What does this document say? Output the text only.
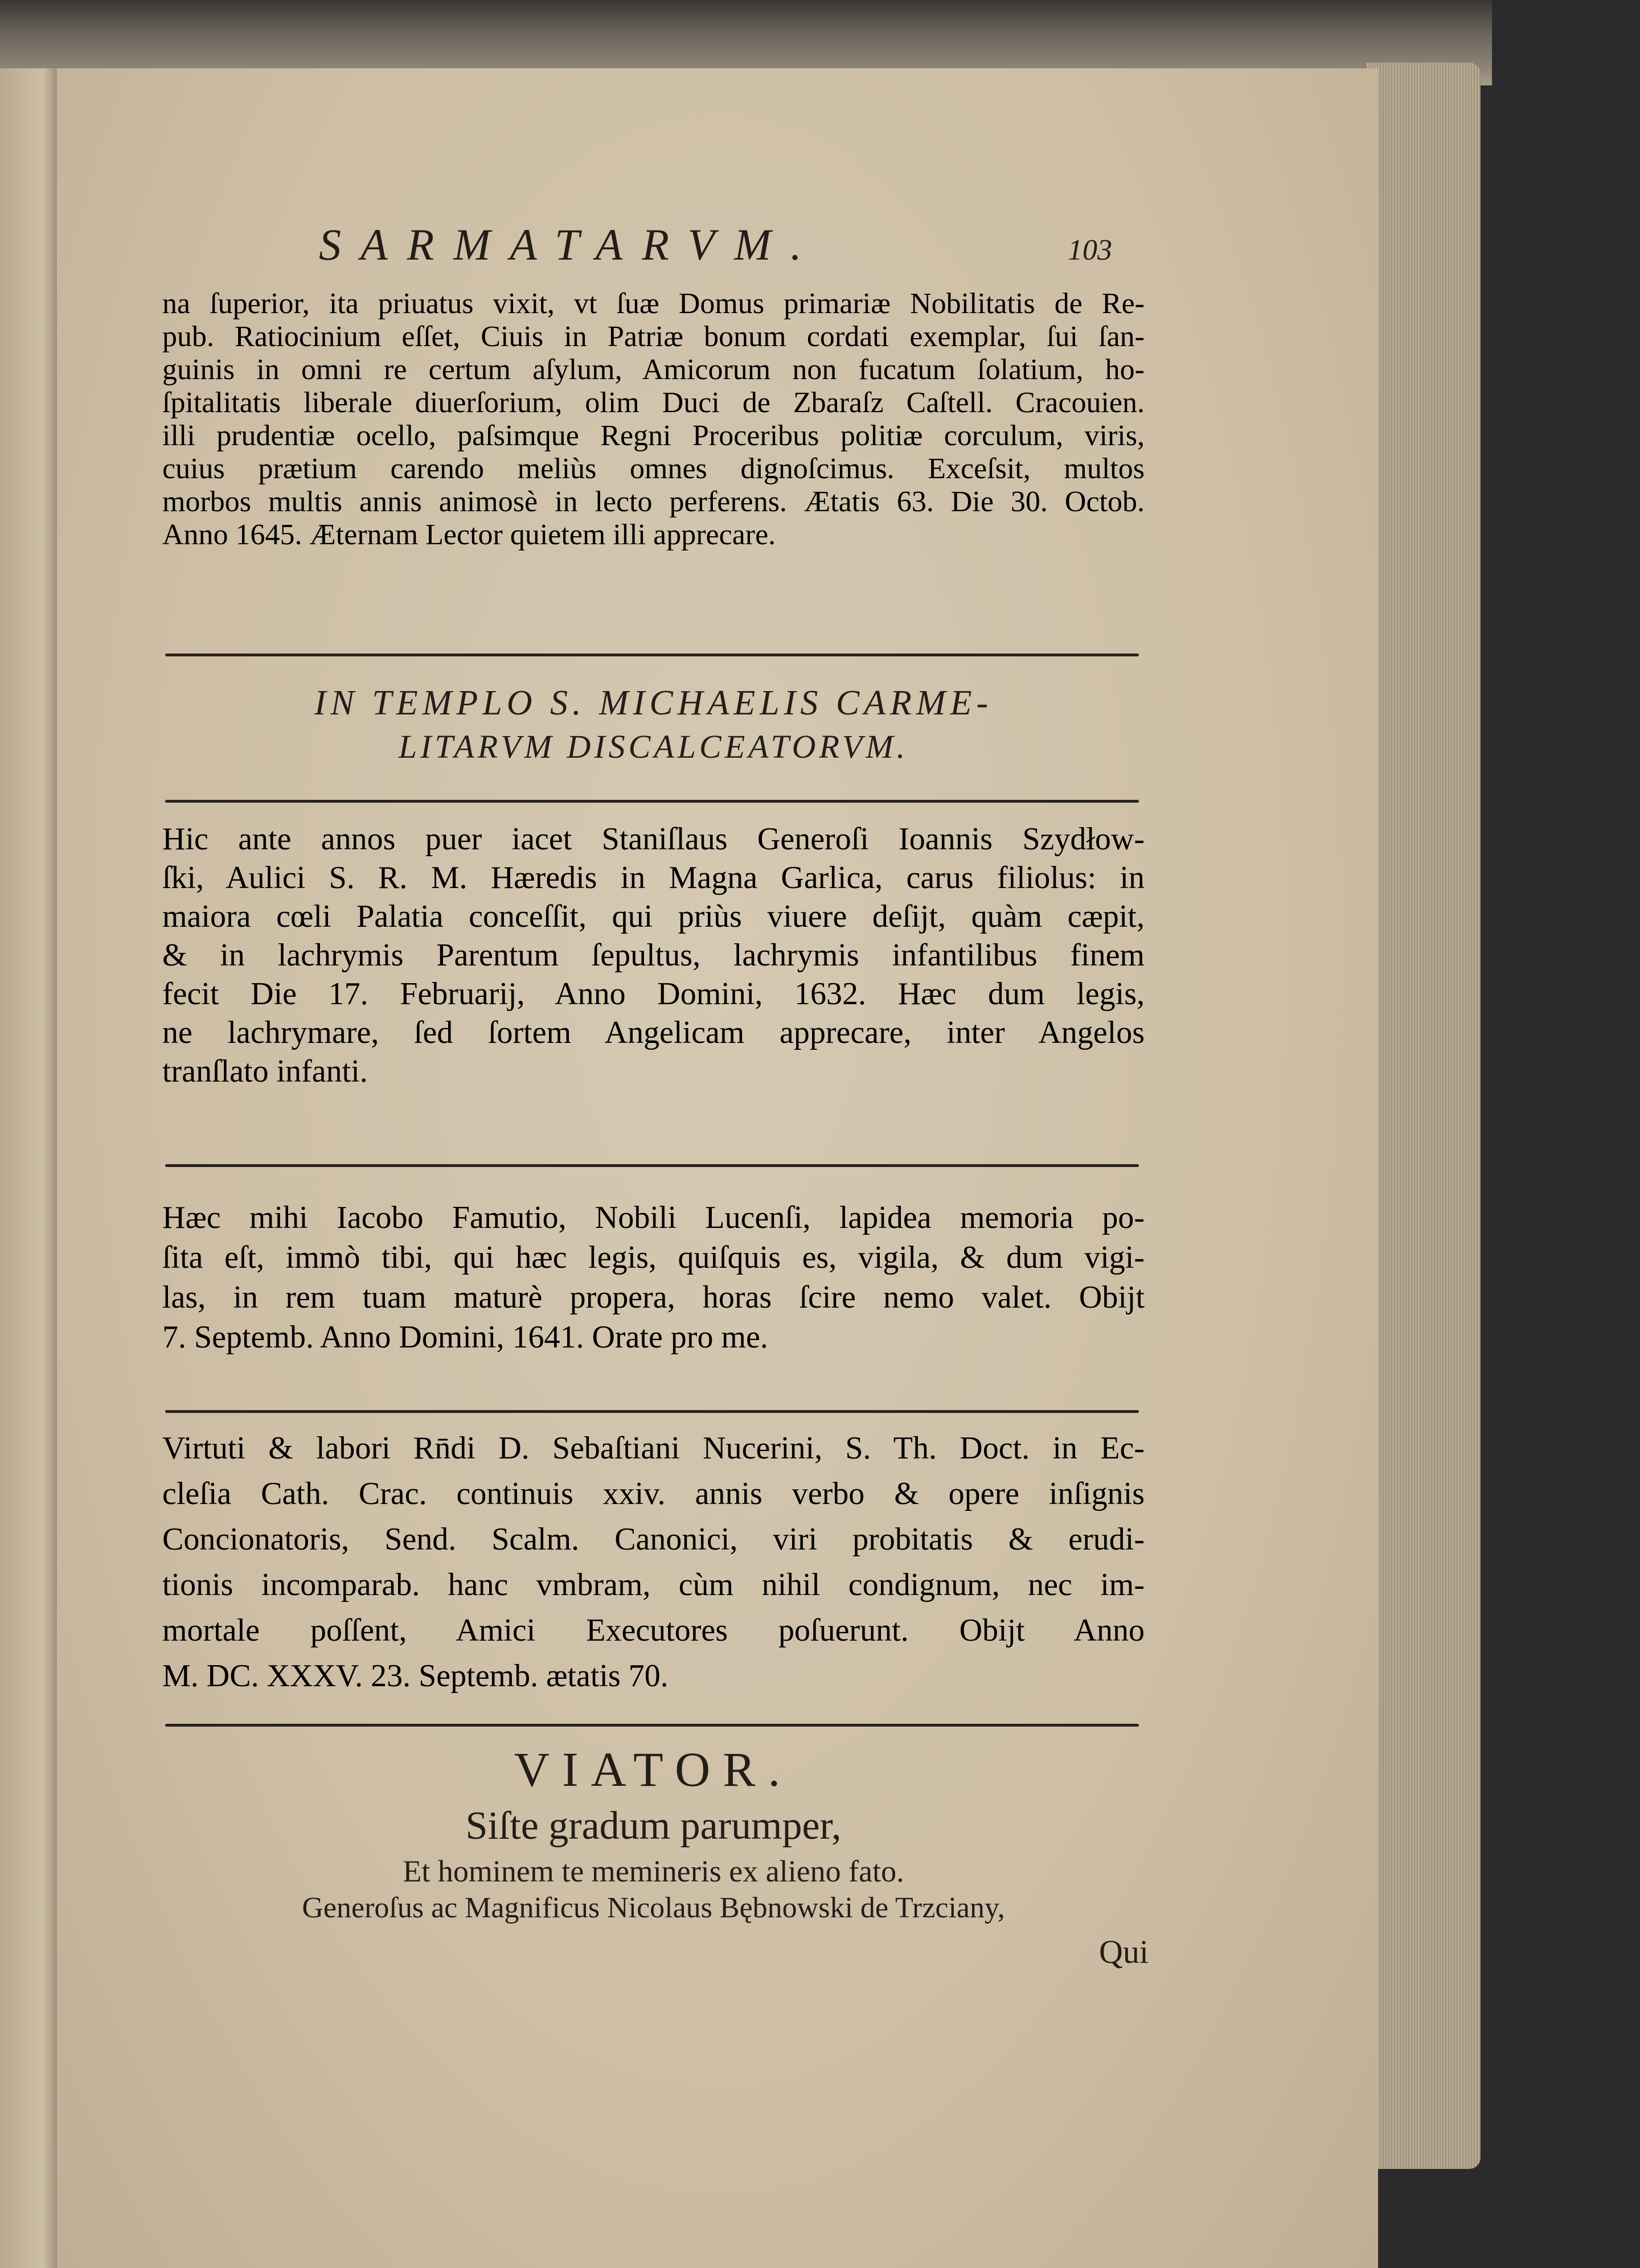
SARMATARVM.	103
na ſuperior, ita priuatus vixit, vt ſuæ Domus primariæ Nobilitatis de Re-
pub. Ratiocinium eſſet, Ciuis in Patriæ bonum cordati exemplar, ſui ſan-
guinis in omni re certum aſylum, Amicorum non fucatum ſolatium, ho-
ſpitalitatis liberale diuerſorium, olim Duci de Zbaraſz Caſtell. Cracouien.
illi prudentiæ ocello, paſsimque Regni Proceribus politiæ corculum, viris,
cuius prætium carendo meliùs omnes dignoſcimus. Exceſsit, multos
morbos multis annis animosè in lecto perferens. Ætatis 63. Die 30. Octob.
Anno 1645. Æternam Lector quietem illi apprecare.
IN TEMPLO S. MICHAELIS CARME-
LITARVM DISCALCEATORVM.
Hic ante annos puer iacet Staniſlaus Generoſi Ioannis Szydłow-
ſki, Aulici S. R. M. Hæredis in Magna Garlica, carus filiolus: in
maiora cœli Palatia conceſſit, qui priùs viuere deſijt, quàm cæpit,
& in lachrymis Parentum ſepultus, lachrymis infantilibus finem
fecit Die 17. Februarij, Anno Domini, 1632. Hæc dum legis,
ne lachrymare, ſed ſortem Angelicam apprecare, inter Angelos
tranſlato infanti.
Hæc mihi Iacobo Famutio, Nobili Lucenſi, lapidea memoria po-
ſita eſt, immò tibi, qui hæc legis, quiſquis es, vigila, & dum vigi-
las, in rem tuam maturè propera, horas ſcire nemo valet. Obijt
7. Septemb. Anno Domini, 1641. Orate pro me.
Virtuti & labori Rn̄di D. Sebaſtiani Nucerini, S. Th. Doct. in Ec-
cleſia Cath. Crac. continuis xxiv. annis verbo & opere inſignis
Concionatoris, Send. Scalm. Canonici, viri probitatis & erudi-
tionis incomparab. hanc vmbram, cùm nihil condignum, nec im-
mortale poſſent, Amici Executores poſuerunt. Obijt Anno
M. DC. XXXV. 23. Septemb. ætatis 70.
VIATOR.
Siſte gradum parumper,
Et hominem te memineris ex alieno fato.
Generoſus ac Magnificus Nicolaus Bębnowski de Trzciany,
Qui
